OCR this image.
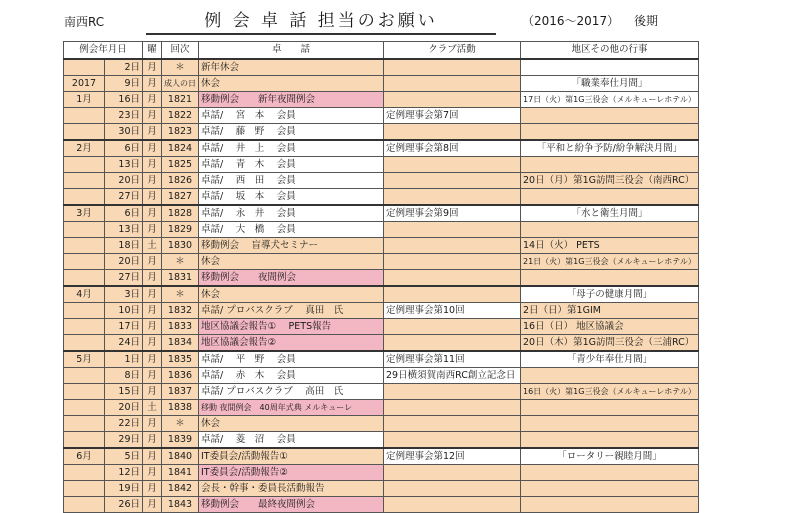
南西RC	例 会 卓 話 担当のお願い	（2016～2017） 後期
例会年月日		曜	回次	卓　　話	クラブ活動	地区その他の行事
	2日	月	＊	新年休会		
2017	9日	月	成人の日	休会		「職業奉仕月間」
1月	16日	月	1821	移動例会　　新年夜間例会		17日（火）第1G三役会（メルキューレホテル）
	23日	月	1822	卓話/　 宮　本　 会員	定例理事会第7回	
	30日	月	1823	卓話/　 藤　野　 会員		
2月	6日	月	1824	卓話/　 井　上　 会員	定例理事会第8回	「平和と紛争予防/紛争解決月間」
	13日	月	1825	卓話/　 青　木　 会員		
	20日	月	1826	卓話/　 西　田　 会員		20日（月）第1G訪問三役会（南西RC）
	27日	月	1827	卓話/　 坂　本　 会員		
3月	6日	月	1828	卓話/　 永　井　 会員	定例理事会第9回	「水と衛生月間」
	13日	月	1829	卓話/　 大　橋　 会員		
	18日	土	1830	移動例会　 盲導犬セミナー		14日（火） PETS
	20日	月	＊	休会		21日（火）第1G三役会（メルキューレホテル）
	27日	月	1831	移動例会　　夜間例会		
4月	3日	月	＊	休会		「母子の健康月間」
	10日	月	1832	卓話/ プロバスクラブ　 真田　氏	定例理事会第10回	2日（日）第1GIM
	17日	月	1833	地区協議会報告①　 PETS報告		16日（日） 地区協議会
	24日	月	1834	地区協議会報告②		20日（木）第1G訪問三役会（三浦RC）
5月	1日	月	1835	卓話/　 平　野　 会員	定例理事会第11回	「青少年奉仕月間」
	8日	月	1836	卓話/　 赤　木　 会員	29日横須賀南西RC創立記念日	
	15日	月	1837	卓話/ プロバスクラブ　 高田　氏		16日（火）第1G三役会（メルキューレホテル）
	20日	土	1838	移動 夜間例会　40周年式典 メルキューレ		
	22日	月	＊	休会		
	29日	月	1839	卓話/　 菱　沼　 会員		
6月	5日	月	1840	IT委員会/活動報告①	定例理事会第12回	「ロータリー親睦月間」
	12日	月	1841	IT委員会/活動報告②		
	19日	月	1842	会長・幹事・委員長活動報告		
	26日	月	1843	移動例会　　最終夜間例会		
